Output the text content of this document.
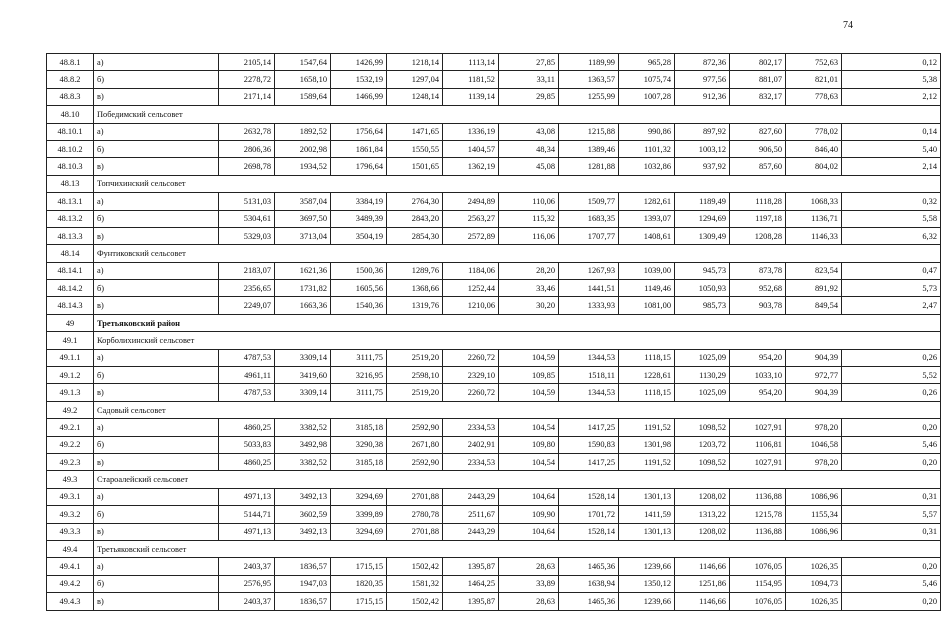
74
48.8.1	а)	2105,14	1547,64	1426,99	1218,14	1113,14	27,85	1189,99	965,28	872,36	802,17	752,63	0,12
48.8.2	б)	2278,72	1658,10	1532,19	1297,04	1181,52	33,11	1363,57	1075,74	977,56	881,07	821,01	5,38
48.8.3	в)	2171,14	1589,64	1466,99	1248,14	1139,14	29,85	1255,99	1007,28	912,36	832,17	778,63	2,12
48.10	Победимский сельсовет												
48.10.1	а)	2632,78	1892,52	1756,64	1471,65	1336,19	43,08	1215,88	990,86	897,92	827,60	778,02	0,14
48.10.2	б)	2806,36	2002,98	1861,84	1550,55	1404,57	48,34	1389,46	1101,32	1003,12	906,50	846,40	5,40
48.10.3	в)	2698,78	1934,52	1796,64	1501,65	1362,19	45,08	1281,88	1032,86	937,92	857,60	804,02	2,14
48.13	Топчихинский сельсовет												
48.13.1	а)	5131,03	3587,04	3384,19	2764,30	2494,89	110,06	1509,77	1282,61	1189,49	1118,28	1068,33	0,32
48.13.2	б)	5304,61	3697,50	3489,39	2843,20	2563,27	115,32	1683,35	1393,07	1294,69	1197,18	1136,71	5,58
48.13.3	в)	5329,03	3713,04	3504,19	2854,30	2572,89	116,06	1707,77	1408,61	1309,49	1208,28	1146,33	6,32
48.14	Фунтиковский сельсовет												
48.14.1	а)	2183,07	1621,36	1500,36	1289,76	1184,06	28,20	1267,93	1039,00	945,73	873,78	823,54	0,47
48.14.2	б)	2356,65	1731,82	1605,56	1368,66	1252,44	33,46	1441,51	1149,46	1050,93	952,68	891,92	5,73
48.14.3	в)	2249,07	1663,36	1540,36	1319,76	1210,06	30,20	1333,93	1081,00	985,73	903,78	849,54	2,47
49	Третьяковский район												
49.1	Корболихинский сельсовет												
49.1.1	а)	4787,53	3309,14	3111,75	2519,20	2260,72	104,59	1344,53	1118,15	1025,09	954,20	904,39	0,26
49.1.2	б)	4961,11	3419,60	3216,95	2598,10	2329,10	109,85	1518,11	1228,61	1130,29	1033,10	972,77	5,52
49.1.3	в)	4787,53	3309,14	3111,75	2519,20	2260,72	104,59	1344,53	1118,15	1025,09	954,20	904,39	0,26
49.2	Садовый сельсовет												
49.2.1	а)	4860,25	3382,52	3185,18	2592,90	2334,53	104,54	1417,25	1191,52	1098,52	1027,91	978,20	0,20
49.2.2	б)	5033,83	3492,98	3290,38	2671,80	2402,91	109,80	1590,83	1301,98	1203,72	1106,81	1046,58	5,46
49.2.3	в)	4860,25	3382,52	3185,18	2592,90	2334,53	104,54	1417,25	1191,52	1098,52	1027,91	978,20	0,20
49.3	Староалейский сельсовет												
49.3.1	а)	4971,13	3492,13	3294,69	2701,88	2443,29	104,64	1528,14	1301,13	1208,02	1136,88	1086,96	0,31
49.3.2	б)	5144,71	3602,59	3399,89	2780,78	2511,67	109,90	1701,72	1411,59	1313,22	1215,78	1155,34	5,57
49.3.3	в)	4971,13	3492,13	3294,69	2701,88	2443,29	104,64	1528,14	1301,13	1208,02	1136,88	1086,96	0,31
49.4	Третьяковский сельсовет												
49.4.1	а)	2403,37	1836,57	1715,15	1502,42	1395,87	28,63	1465,36	1239,66	1146,66	1076,05	1026,35	0,20
49.4.2	б)	2576,95	1947,03	1820,35	1581,32	1464,25	33,89	1638,94	1350,12	1251,86	1154,95	1094,73	5,46
49.4.3	в)	2403,37	1836,57	1715,15	1502,42	1395,87	28,63	1465,36	1239,66	1146,66	1076,05	1026,35	0,20
